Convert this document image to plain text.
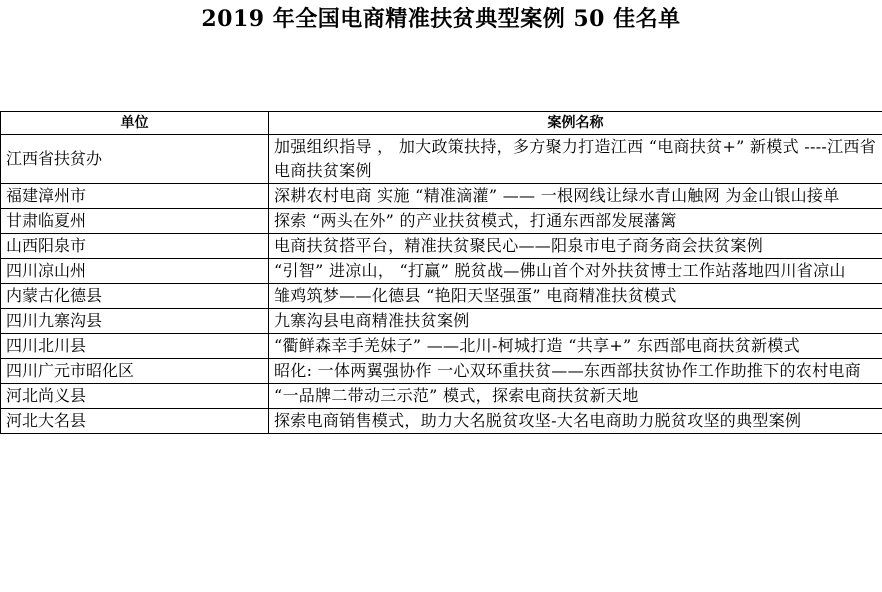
2019 年全国电商精准扶贫典型案例 50 佳名单
单位	案例名称
江西省扶贫办	加强组织指导 ， 加大政策扶持，多方聚力打造江西 “电商扶贫+” 新模式 ----江西省电商扶贫案例
福建漳州市	深耕农村电商 实施 “精准滴灌” —— 一根网线让绿水青山触网 为金山银山接单
甘肃临夏州	探索 “两头在外” 的产业扶贫模式，打通东西部发展藩篱
山西阳泉市	电商扶贫搭平台，精准扶贫聚民心——阳泉市电子商务商会扶贫案例
四川凉山州	“引智” 进凉山， “打赢” 脱贫战—佛山首个对外扶贫博士工作站落地四川省凉山
内蒙古化德县	雏鸡筑梦——化德县 “艳阳天坚强蛋” 电商精准扶贫模式
四川九寨沟县	九寨沟县电商精准扶贫案例
四川北川县	“衢鲜森幸手羌妹子” ——北川-柯城打造 “共享+” 东西部电商扶贫新模式
四川广元市昭化区	昭化: 一体两翼强协作 一心双环重扶贫——东西部扶贫协作工作助推下的农村电商
河北尚义县	“一品牌二带动三示范” 模式，探索电商扶贫新天地
河北大名县	探索电商销售模式，助力大名脱贫攻坚-大名电商助力脱贫攻坚的典型案例
